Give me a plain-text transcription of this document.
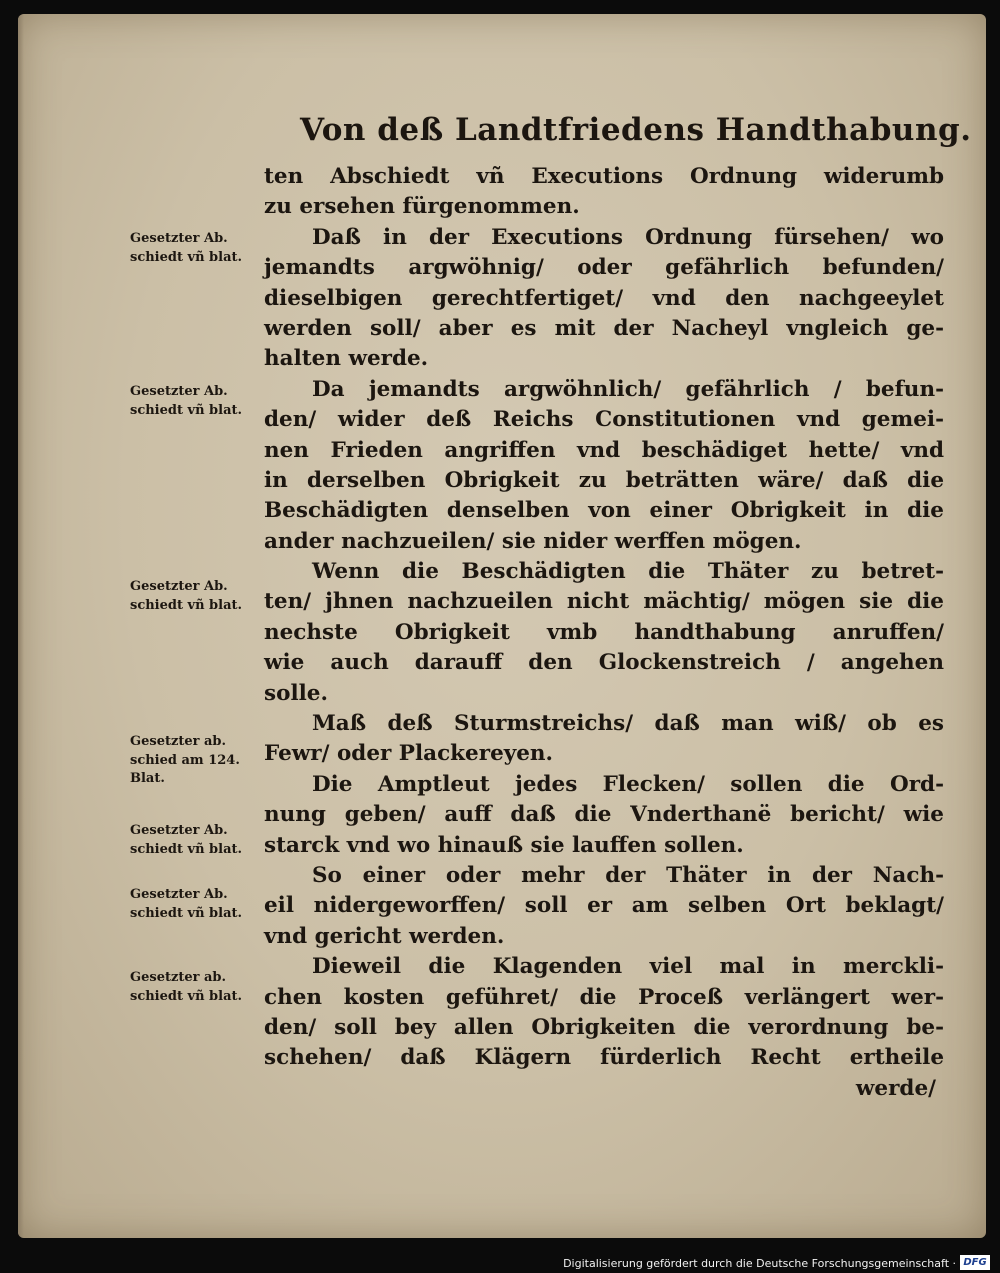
Von deß Landtfriedens Handthabung.
ten Abschiedt vñ Executions Ordnung widerumb
zu ersehen fürgenommen.
Daß in der Executions Ordnung fürsehen/ wo
jemandts argwöhnig/ oder gefährlich befunden/
dieselbigen gerechtfertiget/ vnd den nachgeeylet
werden soll/ aber es mit der Nacheyl vngleich ge-
halten werde.
Da jemandts argwöhnlich/ gefährlich / befun-
den/ wider deß Reichs Constitutionen vnd gemei-
nen Frieden angriffen vnd beschädiget hette/ vnd
in derselben Obrigkeit zu beträtten wäre/ daß die
Beschädigten denselben von einer Obrigkeit in die
ander nachzueilen/ sie nider werffen mögen.
Wenn die Beschädigten die Thäter zu betret-
ten/ jhnen nachzueilen nicht mächtig/ mögen sie die
nechste Obrigkeit vmb handthabung anruffen/
wie auch darauff den Glockenstreich / angehen
solle.
Maß deß Sturmstreichs/ daß man wiß/ ob es
Fewr/ oder Plackereyen.
Die Amptleut jedes Flecken/ sollen die Ord-
nung geben/ auff daß die Vnderthanë bericht/ wie
starck vnd wo hinauß sie lauffen sollen.
So einer oder mehr der Thäter in der Nach-
eil nidergeworffen/ soll er am selben Ort beklagt/
vnd gericht werden.
Dieweil die Klagenden viel mal in merckli-
chen kosten geführet/ die Proceß verlängert wer-
den/ soll bey allen Obrigkeiten die verordnung be-
schehen/ daß Klägern fürderlich Recht ertheile
werde/
Gesetzter Ab.
schiedt vñ blat.
Gesetzter Ab.
schiedt vñ blat.
Gesetzter Ab.
schiedt vñ blat.
Gesetzter ab.
schied am 124.
Blat.
Gesetzter Ab.
schiedt vñ blat.
Gesetzter Ab.
schiedt vñ blat.
Gesetzter ab.
schiedt vñ blat.
Digitalisierung gefördert durch die Deutsche Forschungsgemeinschaft · DFG
